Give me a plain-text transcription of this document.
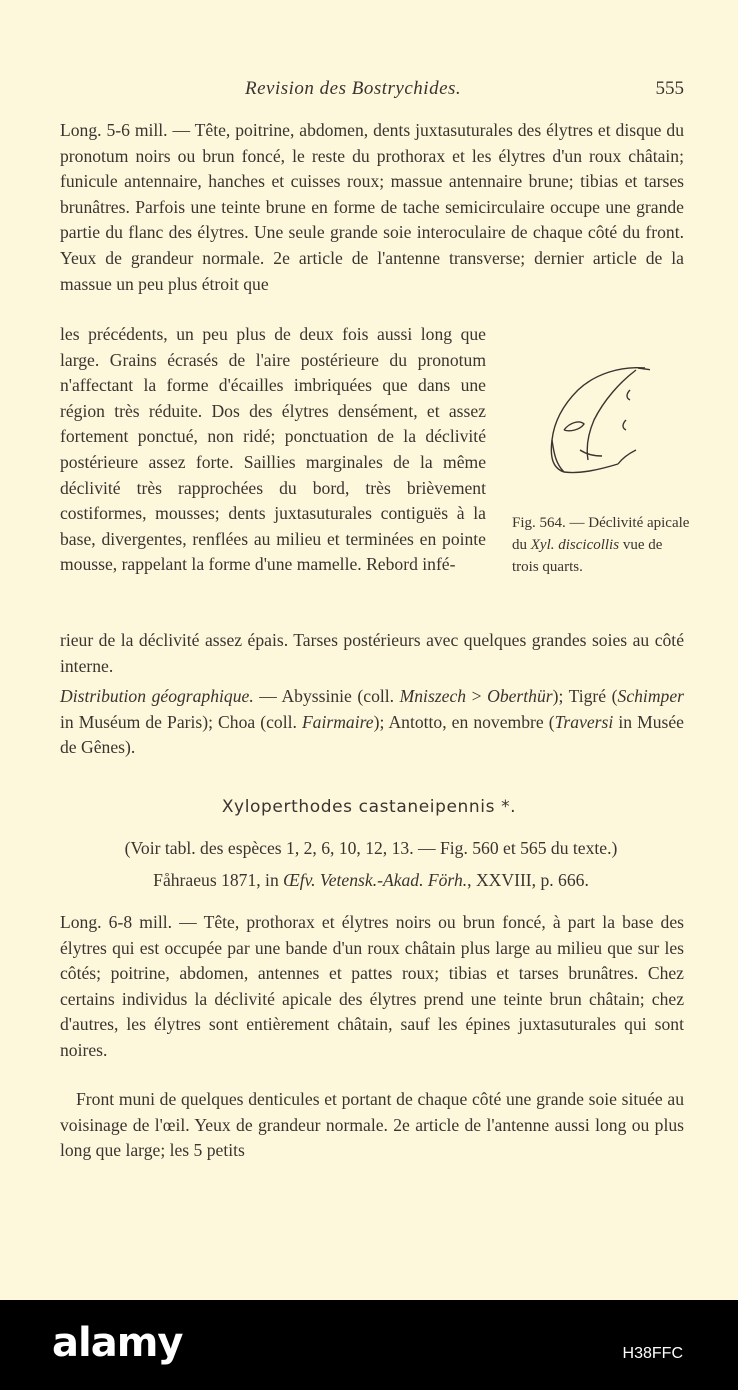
Revision des Bostrychides.	555

Long. 5-6 mill. — Tête, poitrine, abdomen, dents juxtasuturales des élytres et disque du pronotum noirs ou brun foncé, le reste du prothorax et les élytres d'un roux châtain; funicule antennaire, hanches et cuisses roux; massue antennaire brune; tibias et tarses brunâtres. Parfois une teinte brune en forme de tache semicirculaire occupe une grande partie du flanc des élytres. Une seule grande soie interoculaire de chaque côté du front. Yeux de grandeur normale. 2e article de l'antenne transverse; dernier article de la massue un peu plus étroit que

les précédents, un peu plus de deux fois aussi long que large. Grains écrasés de l'aire postérieure du pronotum n'affectant la forme d'écailles imbriquées que dans une région très réduite. Dos des élytres densément, et assez fortement ponctué, non ridé; ponctuation de la déclivité postérieure assez forte. Saillies marginales de la même déclivité très rapprochées du bord, très brièvement costiformes, mousses; dents juxtasuturales contiguës à la base, divergentes, renflées au milieu et terminées en pointe mousse, rappelant la forme d'une mamelle. Rebord infé-

rieur de la déclivité assez épais. Tarses postérieurs avec quelques grandes soies au côté interne.

Fig. 564. — Déclivité apicale du Xyl. discicollis vue de trois quarts.

Distribution géographique. — Abyssinie (coll. Mniszech > Oberthür); Tigré (Schimper in Muséum de Paris); Choa (coll. Fairmaire); Antotto, en novembre (Traversi in Musée de Gênes).

Xyloperthodes castaneipennis *.
(Voir tabl. des espèces 1, 2, 6, 10, 12, 13. — Fig. 560 et 565 du texte.)
Fåhraeus 1871, in Œfv. Vetensk.-Akad. Förh., XXVIII, p. 666.

Long. 6-8 mill. — Tête, prothorax et élytres noirs ou brun foncé, à part la base des élytres qui est occupée par une bande d'un roux châtain plus large au milieu que sur les côtés; poitrine, abdomen, antennes et pattes roux; tibias et tarses brunâtres. Chez certains individus la déclivité apicale des élytres prend une teinte brun châtain; chez d'autres, les élytres sont entièrement châtain, sauf les épines juxtasuturales qui sont noires.

Front muni de quelques denticules et portant de chaque côté une grande soie située au voisinage de l'œil. Yeux de grandeur normale. 2e article de l'antenne aussi long ou plus long que large; les 5 petits

alamy	H38FFC
